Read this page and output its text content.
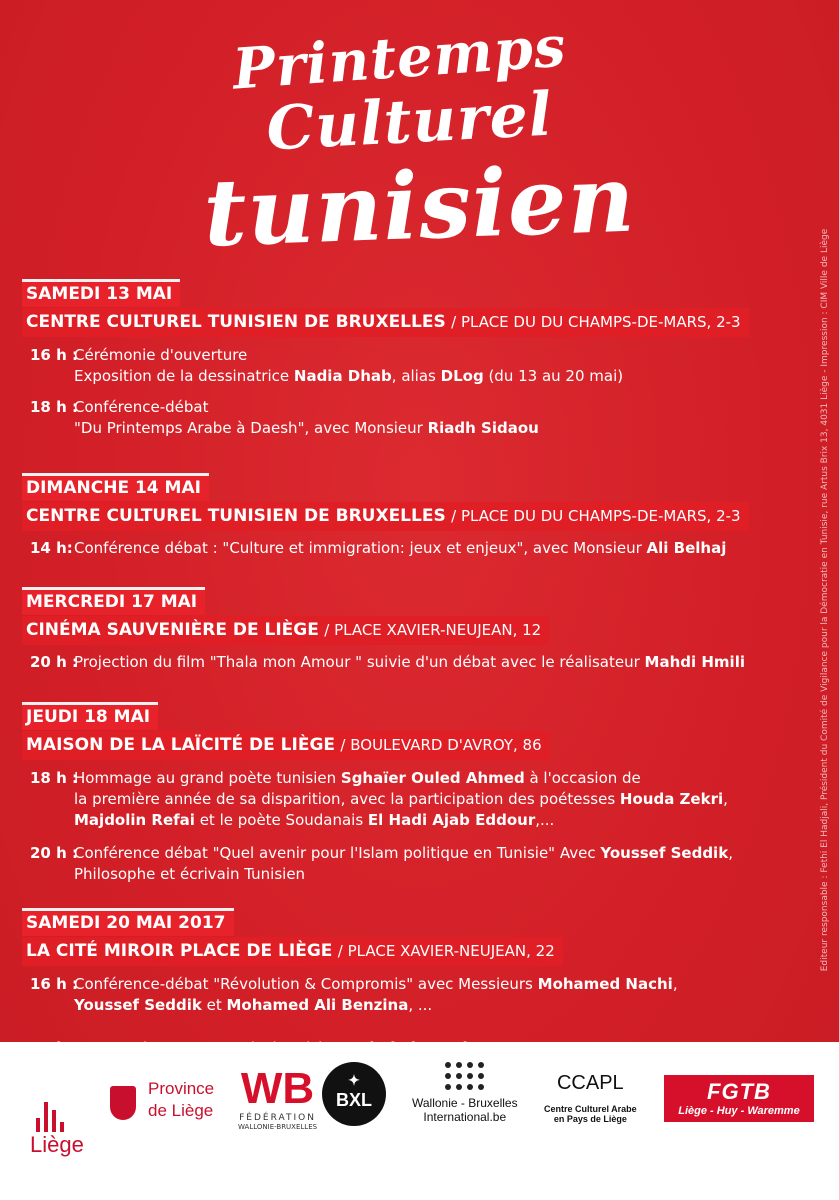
Printemps
Culturel
tunisien
SAMEDI 13 MAI
CENTRE CULTUREL TUNISIEN DE BRUXELLES / PLACE DU DU CHAMPS-DE-MARS, 2-3
16 h :
Cérémonie d'ouverture
Exposition de la dessinatrice Nadia Dhab, alias DLog (du 13 au 20 mai)
18 h :
Conférence-débat
"Du Printemps Arabe à Daesh", avec Monsieur Riadh Sidaou
DIMANCHE 14 MAI
CENTRE CULTUREL TUNISIEN DE BRUXELLES / PLACE DU DU CHAMPS-DE-MARS, 2-3
14 h: Conférence débat : "Culture et immigration: jeux et enjeux", avec Monsieur Ali Belhaj
MERCREDI 17 MAI
CINÉMA SAUVENIÈRE DE LIÈGE / PLACE XAVIER-NEUJEAN, 12
20 h :
Projection du film "Thala mon Amour " suivie d'un débat avec le réalisateur Mahdi Hmili
JEUDI 18 MAI
MAISON DE LA LAÏCITÉ DE LIÈGE / BOULEVARD D'AVROY, 86
18 h :
Hommage au grand poète tunisien Sghaïer Ouled Ahmed à l'occasion de
la première année de sa disparition, avec la participation des poétesses Houda Zekri,
Majdolin Refai et le poète Soudanais El Hadi Ajab Eddour,...
20 h :
Conférence débat "Quel avenir pour l'Islam politique en Tunisie" Avec Youssef Seddik,
Philosophe et écrivain Tunisien
SAMEDI 20 MAI 2017
LA CITÉ MIROIR PLACE DE LIÈGE / PLACE XAVIER-NEUJEAN, 22
16 h :
Conférence-débat "Révolution & Compromis" avec Messieurs Mohamed Nachi,
Youssef Seddik et Mohamed Ali Benzina, ...
Editeur responsable : Fethi El Hadjali, Président du Comité de Vigilance pour la Démocratie en Tunisie, rue Artus Brix 13, 4031 Liège - Impression : CIM Ville de Liège
Liège
Province
de Liège WB
FÉDÉRATION
WALLONIE-BRUXELLES
✦
BXL	Wallonie - Bruxelles
International.be
CCAPL
Centre Culturel Arabe
en Pays de Liège
FGTB
Liège - Huy - Waremme
